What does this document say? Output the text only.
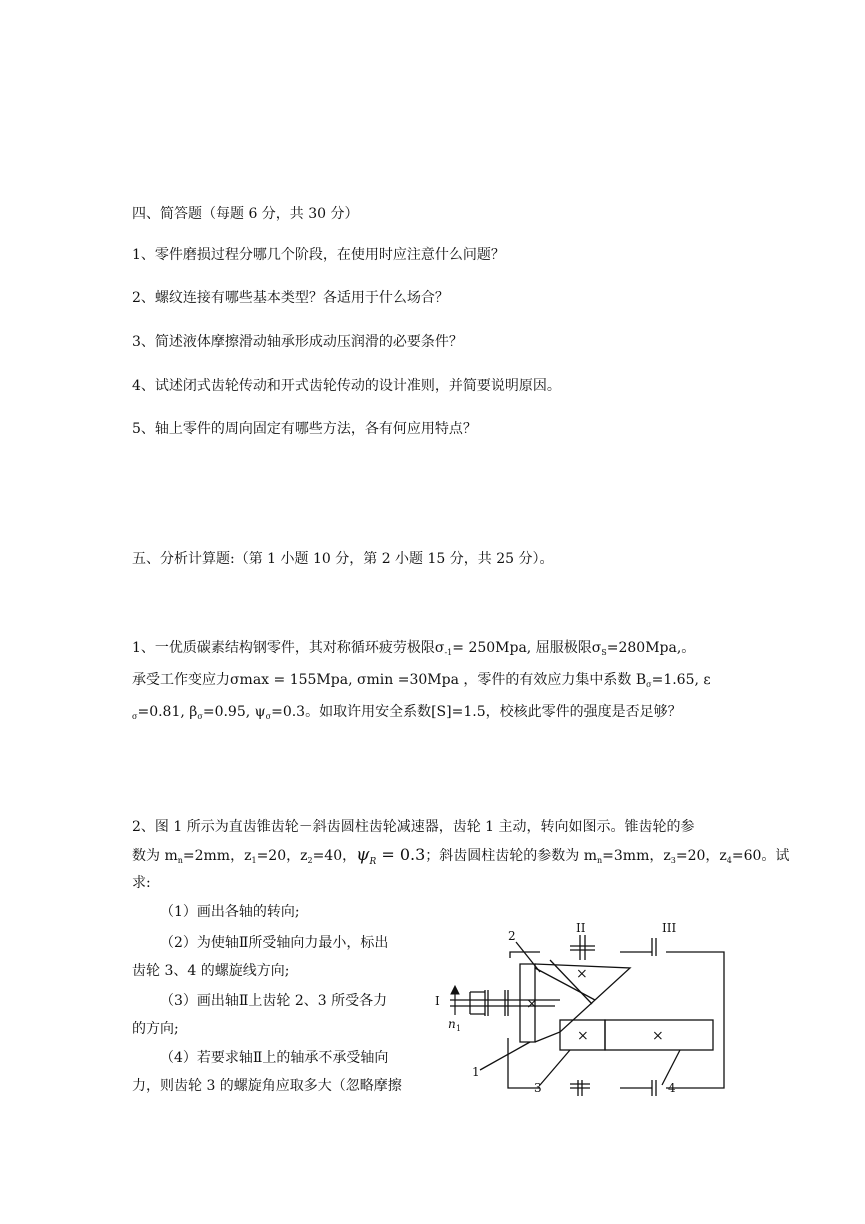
四、简答题（每题 6 分，共 30 分）
1、零件磨损过程分哪几个阶段，在使用时应注意什么问题？
2、螺纹连接有哪些基本类型？各适用于什么场合？
3、简述液体摩擦滑动轴承形成动压润滑的必要条件？
4、试述闭式齿轮传动和开式齿轮传动的设计准则，并简要说明原因。
5、轴上零件的周向固定有哪些方法，各有何应用特点？
五、分析计算题:（第 1 小题 10 分，第 2 小题 15 分，共 25 分）。
1、一优质碳素结构钢零件，其对称循环疲劳极限$\sigma_{-1}= 250Mpa$, 屈服极限$\sigma_S=280Mpa$,。
承受工作变应力σmax = 155Mpa, σmin =30Mpa ，零件的有效应力集中系数 $B_\sigma=1.65$, ε
$_\sigma$=0.81, $\beta_\sigma=0.95$, $\psi_\sigma=0.3$。如取许用安全系数[S]=1.5，校核此零件的强度是否足够？
2、图 1 所示为直齿锥齿轮－斜齿圆柱齿轮减速器，齿轮 1 主动，转向如图示。锥齿轮的参
数为 $m_n=2mm$，$z_1=20$，$z_2=40$，$\psi_R = 0.3$；斜齿圆柱齿轮的参数为 $m_n=3mm$，$z_3=20$，$z_4=60$。试
求:
（1）画出各轴的转向;
（2）为使轴Ⅱ所受轴向力最小，标出
齿轮 3、4 的螺旋线方向;
（3）画出轴Ⅱ上齿轮 2、3 所受各力
的方向;
（4）若要求轴Ⅱ上的轴承不承受轴向
力，则齿轮 3 的螺旋角应取多大（忽略摩擦
I
II	III
n 1
1
2
3	4
×
×
×	×
